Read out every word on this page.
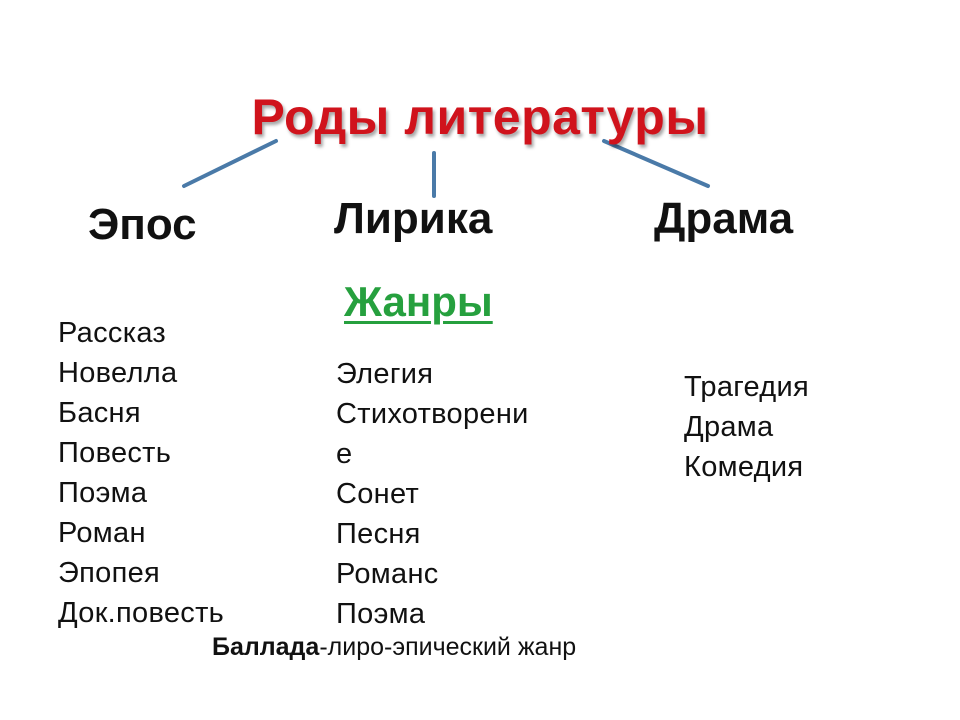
Роды литературы
Эпос	Лирика	Драма
Жанры
Рассказ
Новелла
Басня
Повесть
Поэма
Роман
Эпопея
Док.повесть
Элегия
Стихотворени
е
Сонет
Песня
Романс
Поэма
Трагедия
Драма
Комедия
Баллада-лиро-эпический жанр
